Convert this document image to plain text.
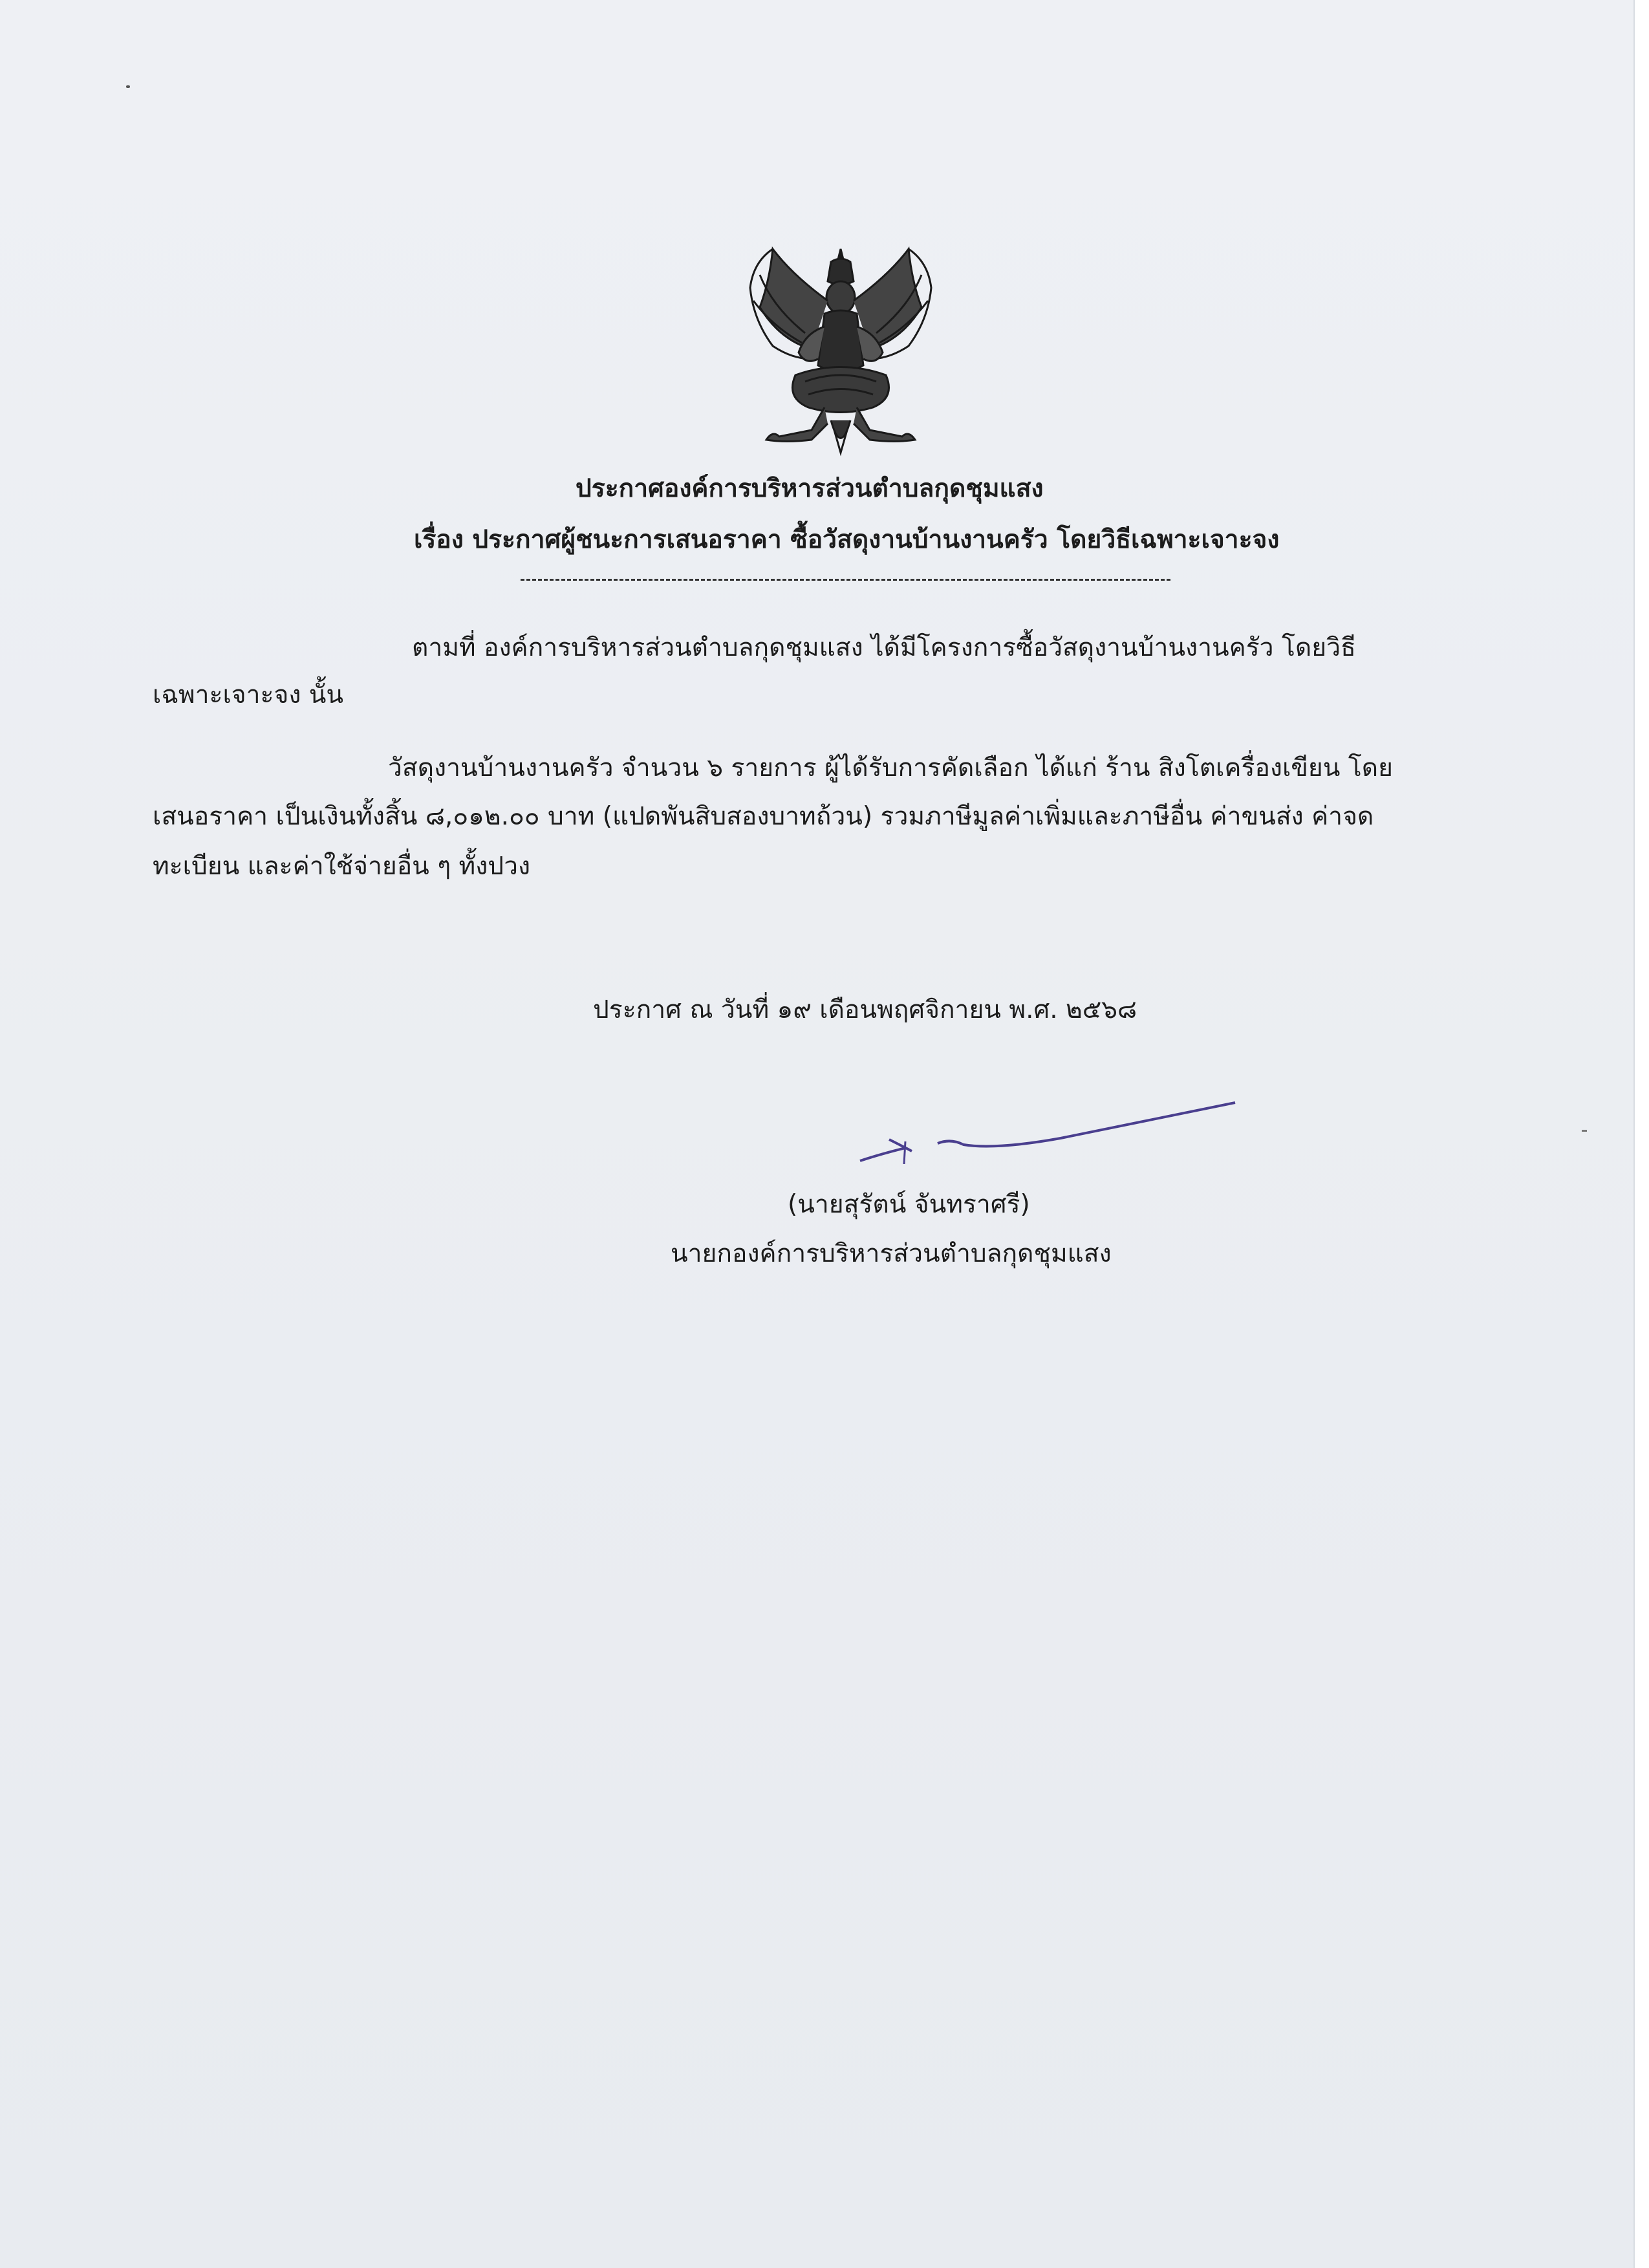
ประกาศองค์การบริหารส่วนตำบลกุดชุมแสง
เรื่อง ประกาศผู้ชนะการเสนอราคา ซื้อวัสดุงานบ้านงานครัว โดยวิธีเฉพาะเจาะจง
ตามที่ องค์การบริหารส่วนตำบลกุดชุมแสง ได้มีโครงการซื้อวัสดุงานบ้านงานครัว โดยวิธี
เฉพาะเจาะจง นั้น
วัสดุงานบ้านงานครัว จำนวน ๖ รายการ ผู้ได้รับการคัดเลือก ได้แก่ ร้าน สิงโตเครื่องเขียน โดย
เสนอราคา เป็นเงินทั้งสิ้น ๘,๐๑๒.๐๐ บาท (แปดพันสิบสองบาทถ้วน) รวมภาษีมูลค่าเพิ่มและภาษีอื่น ค่าขนส่ง ค่าจด
ทะเบียน และค่าใช้จ่ายอื่น ๆ ทั้งปวง
ประกาศ ณ วันที่ ๑๙ เดือนพฤศจิกายน พ.ศ. ๒๕๖๘
(นายสุรัตน์ จันทราศรี)
นายกองค์การบริหารส่วนตำบลกุดชุมแสง
